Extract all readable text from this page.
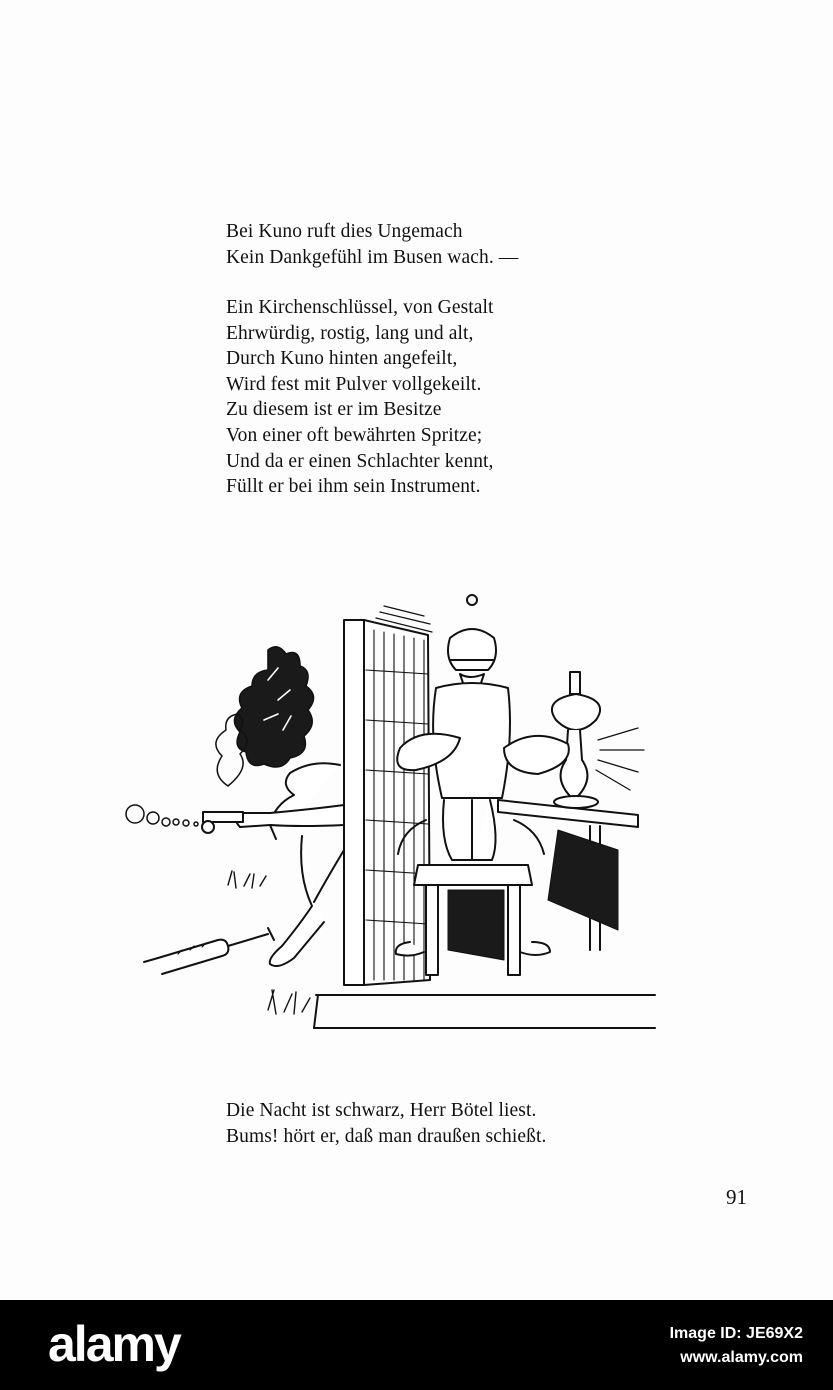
Bei Kuno ruft dies Ungemach
Kein Dankgefühl im Busen wach. —
Ein Kirchenschlüssel, von Gestalt
Ehrwürdig, rostig, lang und alt,
Durch Kuno hinten angefeilt,
Wird fest mit Pulver vollgekeilt.
Zu diesem ist er im Besitze
Von einer oft bewährten Spritze;
Und da er einen Schlachter kennt,
Füllt er bei ihm sein Instrument.
Die Nacht ist schwarz, Herr Bötel liest.
Bums! hört er, daß man draußen schießt.
91
alamy	Image ID: JE69X2
www.alamy.com
